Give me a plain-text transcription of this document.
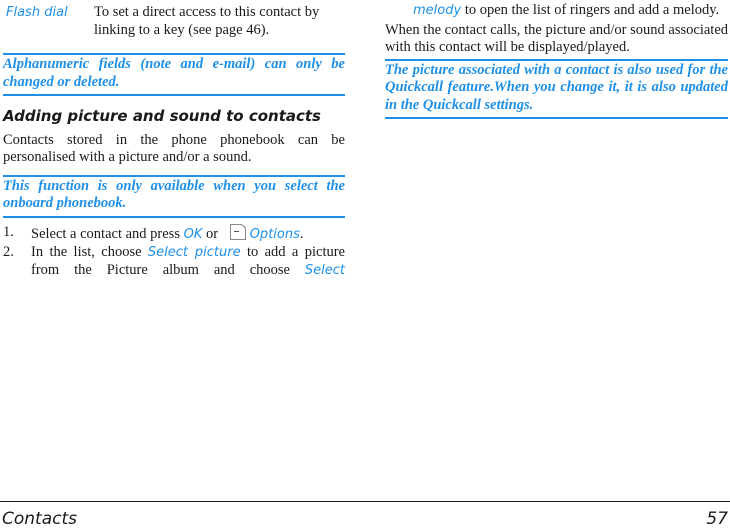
Flash dial	To set a direct access to this contact by linking to a key (see page 46).
Alphanumeric fields (note and e-mail) can only be changed or deleted.
Adding picture and sound to contacts
Contacts stored in the phone phonebook can be personalised with a picture and/or a sound.
This function is only available when you select the onboard phonebook.
1.	Select a contact and press OK or Options.
2.	In the list, choose Select picture to add a picture from the Picture album and choose Select
melody to open the list of ringers and add a melody.
When the contact calls, the picture and/or sound associated with this contact will be displayed/played.
The picture associated with a contact is also used for the Quickcall feature.When you change it, it is also updated in the Quickcall settings.
Contacts	57
